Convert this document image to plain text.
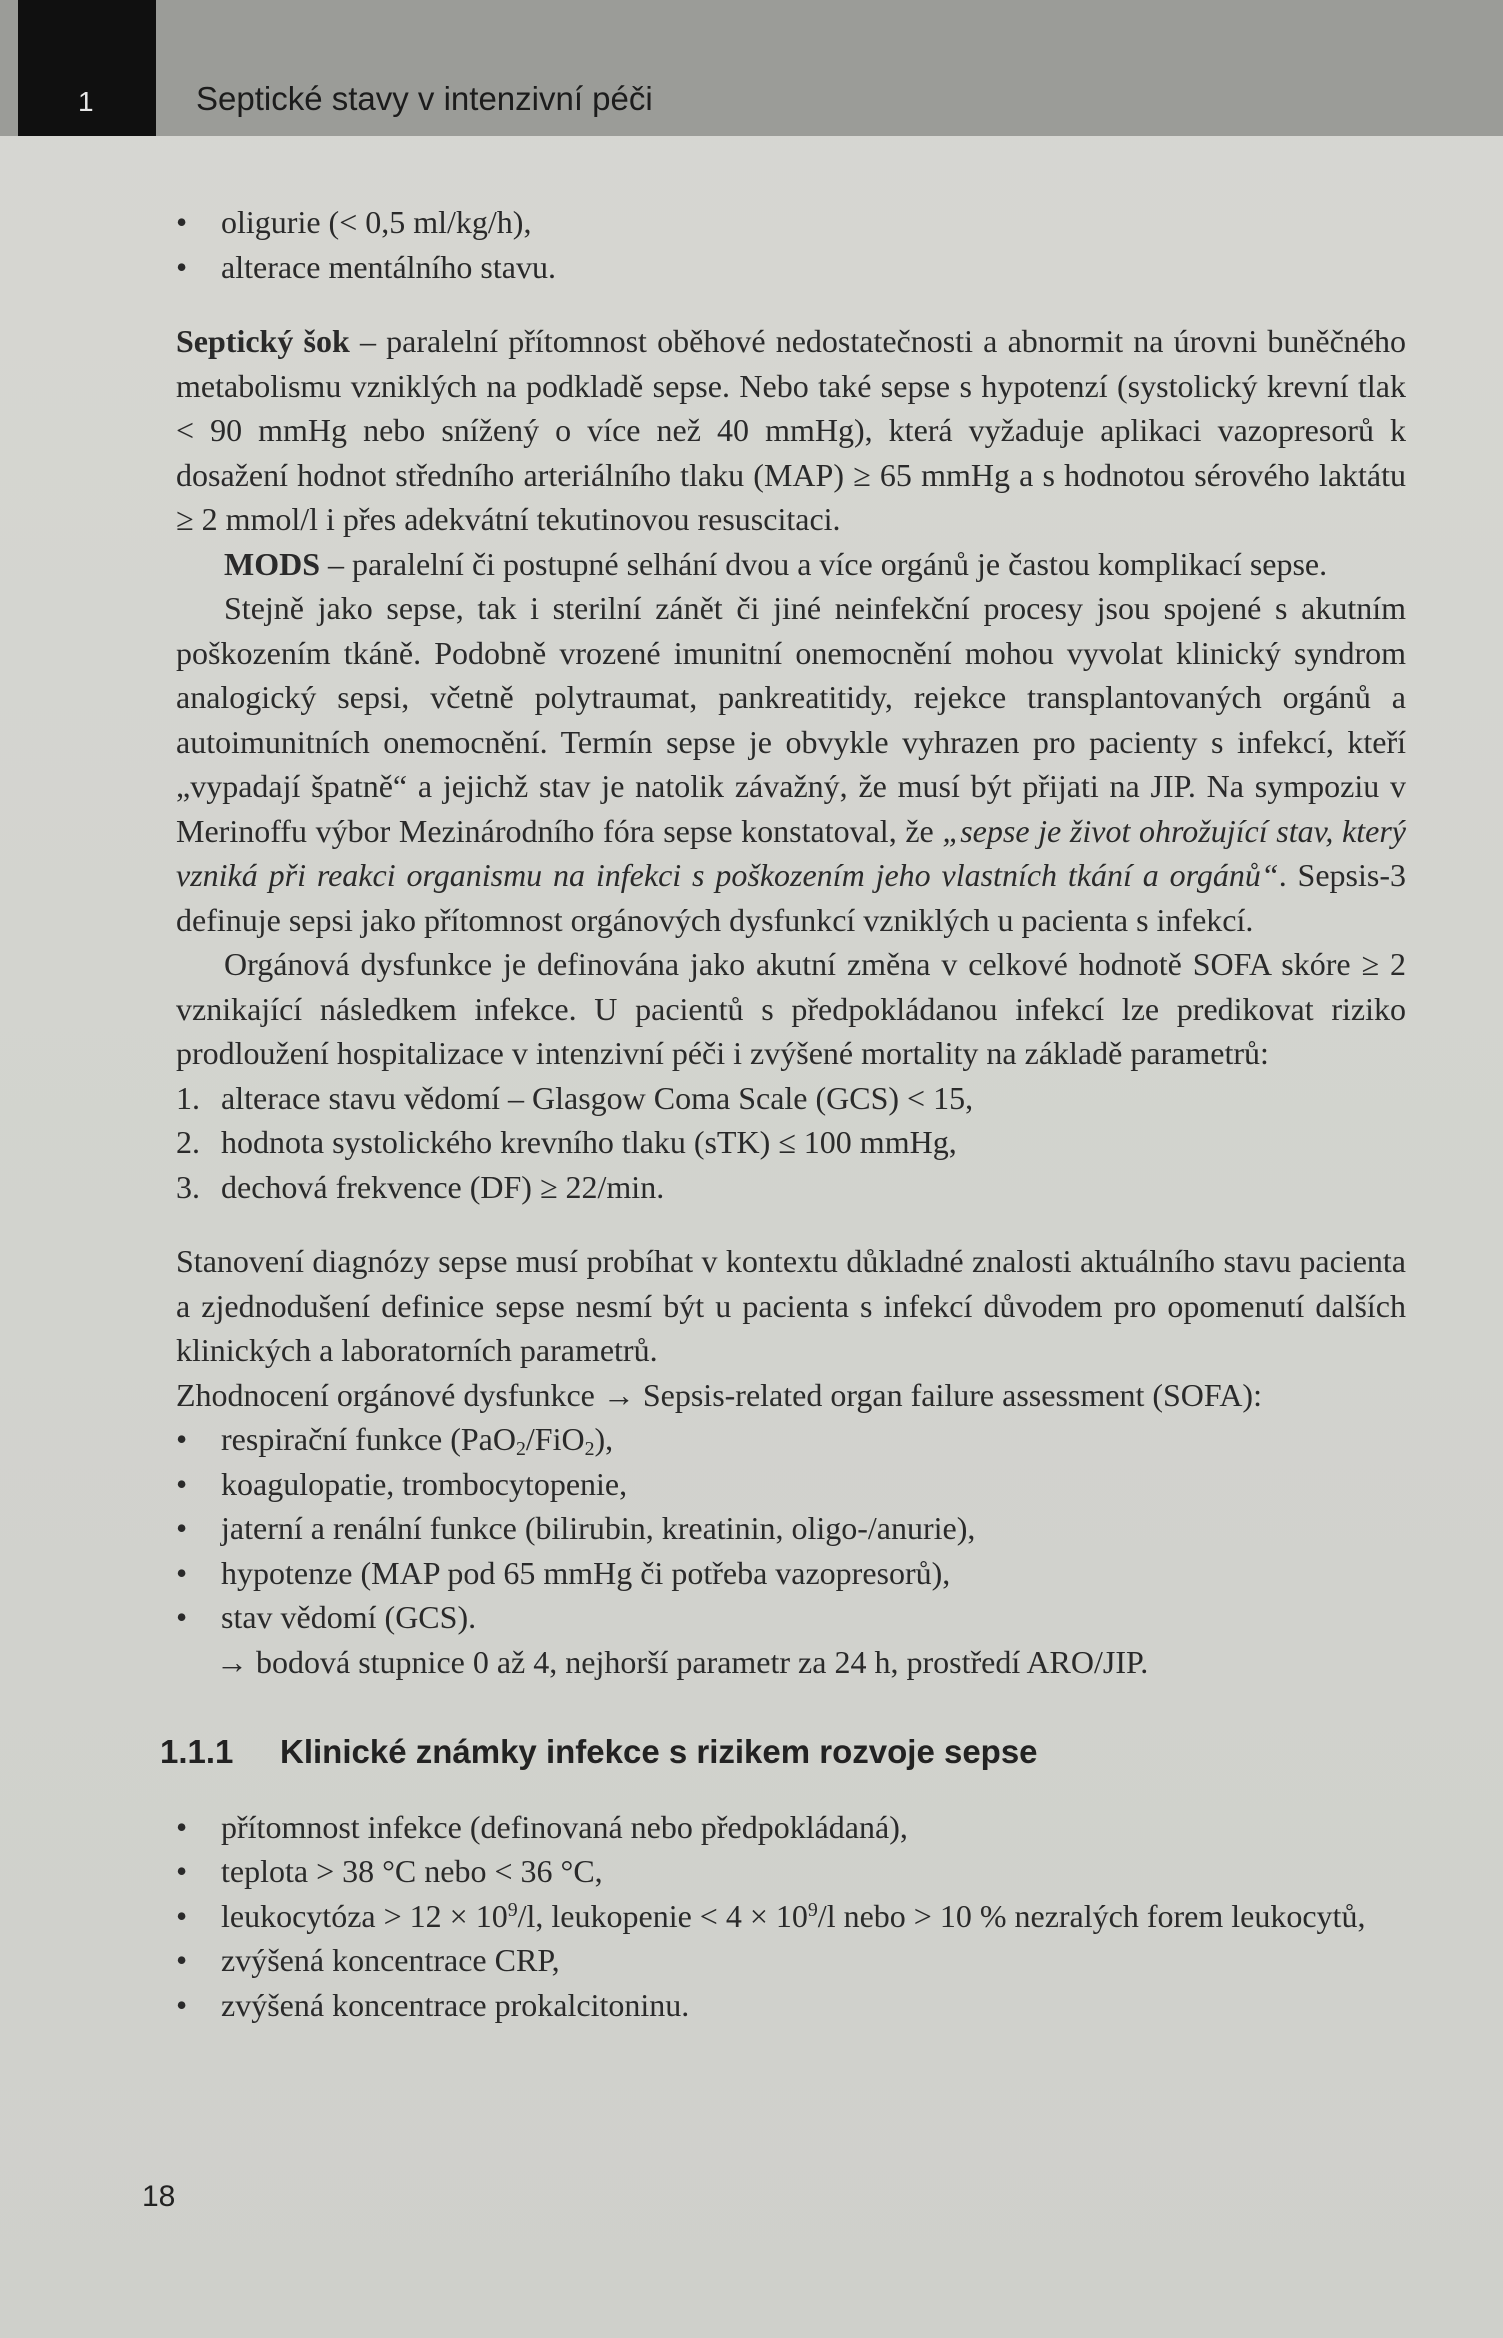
1	Septické stavy v intenzivní péči
• oligurie (< 0,5 ml/kg/h),
• alterace mentálního stavu.

Septický šok – paralelní přítomnost oběhové nedostatečnosti a abnormit na úrovni buněčného metabolismu vzniklých na podkladě sepse. Nebo také sepse s hypotenzí (systolický krevní tlak < 90 mmHg nebo snížený o více než 40 mmHg), která vyžaduje aplikaci vazopresorů k dosažení hodnot středního arteriálního tlaku (MAP) ≥ 65 mmHg a s hodnotou sérového laktátu ≥ 2 mmol/l i přes adekvátní tekutinovou resuscitaci.

MODS – paralelní či postupné selhání dvou a více orgánů je častou komplikací sepse.

Stejně jako sepse, tak i sterilní zánět či jiné neinfekční procesy jsou spojené s akutním poškozením tkáně. Podobně vrozené imunitní onemocnění mohou vyvolat klinický syndrom analogický sepsi, včetně polytraumat, pankreatitidy, rejekce transplantovaných orgánů a autoimunitních onemocnění. Termín sepse je obvykle vyhrazen pro pacienty s infekcí, kteří „vypadají špatně“ a jejichž stav je natolik závažný, že musí být přijati na JIP. Na sympoziu v Merinoffu výbor Mezinárodního fóra sepse konstatoval, že „sepse je život ohrožující stav, který vzniká při reakci organismu na infekci s poškozením jeho vlastních tkání a orgánů“. Sepsis-3 definuje sepsi jako přítomnost orgánových dysfunkcí vzniklých u pacienta s infekcí.

Orgánová dysfunkce je definována jako akutní změna v celkové hodnotě SOFA skóre ≥ 2 vznikající následkem infekce. U pacientů s předpokládanou infekcí lze predikovat riziko prodloužení hospitalizace v intenzivní péči i zvýšené mortality na základě parametrů:

1. alterace stavu vědomí – Glasgow Coma Scale (GCS) < 15,
2. hodnota systolického krevního tlaku (sTK) ≤ 100 mmHg,
3. dechová frekvence (DF) ≥ 22/min.

Stanovení diagnózy sepse musí probíhat v kontextu důkladné znalosti aktuálního stavu pacienta a zjednodušení definice sepse nesmí být u pacienta s infekcí důvodem pro opomenutí dalších klinických a laboratorních parametrů.

Zhodnocení orgánové dysfunkce → Sepsis-related organ failure assessment (SOFA):

• respirační funkce (PaO$_2$/FiO$_2$),
• koagulopatie, trombocytopenie,
• jaterní a renální funkce (bilirubin, kreatinin, oligo-/anurie),
• hypotenze (MAP pod 65 mmHg či potřeba vazopresorů),
• stav vědomí (GCS).

→ bodová stupnice 0 až 4, nejhorší parametr za 24 h, prostředí ARO/JIP.

1.1.1 Klinické známky infekce s rizikem rozvoje sepse
• přítomnost infekce (definovaná nebo předpokládaná),
• teplota > 38 °C nebo < 36 °C,
• leukocytóza > $12 \times 10^9/l$, leukopenie < $4 \times 10^9/l$ nebo > 10 % nezralých forem leukocytů,
• zvýšená koncentrace CRP,
• zvýšená koncentrace prokalcitoninu.
18
